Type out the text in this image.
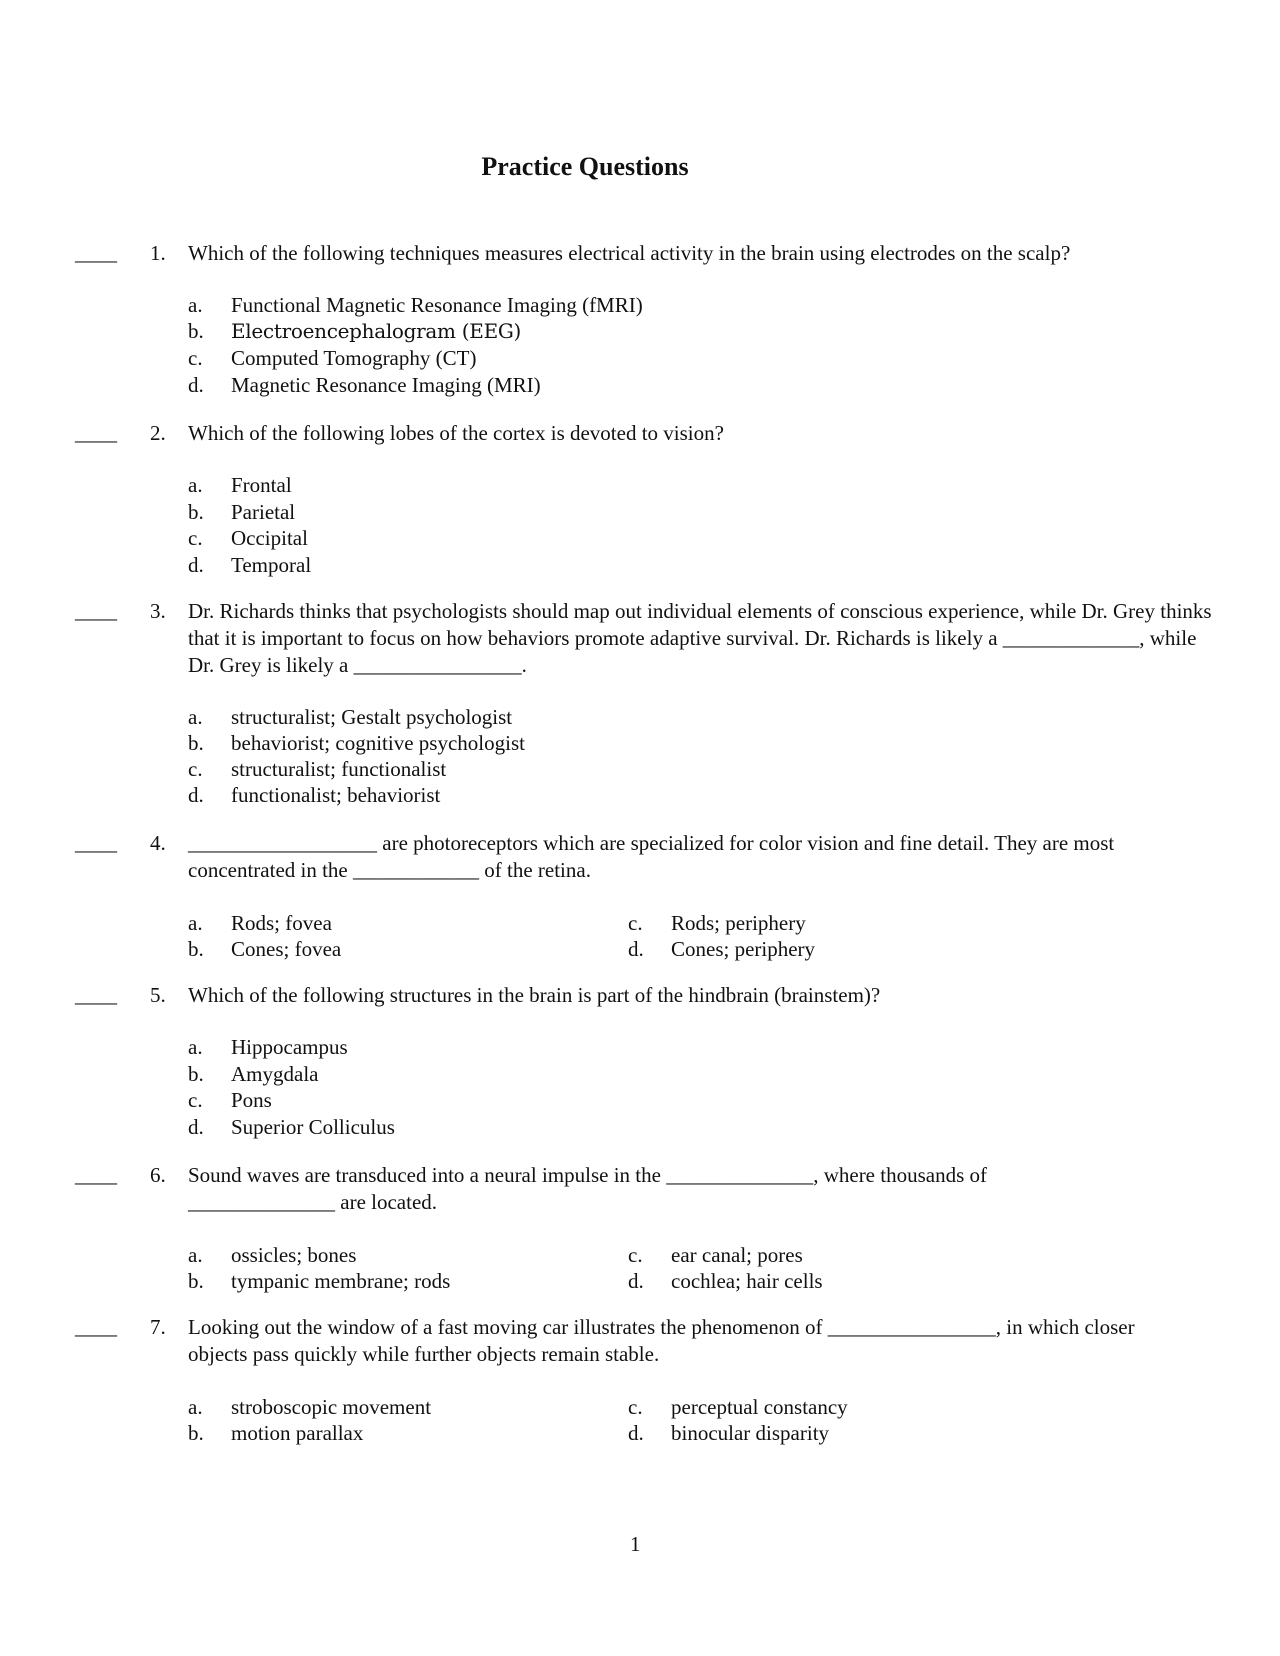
Practice Questions
____ 1.	Which of the following techniques measures electrical activity in the brain using electrodes on the scalp?
a. Functional Magnetic Resonance Imaging (fMRI)
b. Electroencephalogram (EEG)
c. Computed Tomography (CT)
d. Magnetic Resonance Imaging (MRI)
____ 2.	Which of the following lobes of the cortex is devoted to vision?
a. Frontal
b. Parietal
c. Occipital
d. Temporal
____ 3.	Dr. Richards thinks that psychologists should map out individual elements of conscious experience, while Dr. Grey thinks that it is important to focus on how behaviors promote adaptive survival. Dr. Richards is likely a _____________, while Dr. Grey is likely a ________________.
a. structuralist; Gestalt psychologist
b. behaviorist; cognitive psychologist
c. structuralist; functionalist
d. functionalist; behaviorist
____ 4.	__________________ are photoreceptors which are specialized for color vision and fine detail. They are most concentrated in the ____________ of the retina.
a. Rods; fovea
b. Cones; fovea
c. Rods; periphery
d. Cones; periphery
____ 5.	Which of the following structures in the brain is part of the hindbrain (brainstem)?
a. Hippocampus
b. Amygdala
c. Pons
d. Superior Colliculus
____ 6.	Sound waves are transduced into a neural impulse in the ______________, where thousands of ______________ are located.
a. ossicles; bones
b. tympanic membrane; rods
c. ear canal; pores
d. cochlea; hair cells
____ 7.	Looking out the window of a fast moving car illustrates the phenomenon of ________________, in which closer objects pass quickly while further objects remain stable.
a. stroboscopic movement
b. motion parallax
c. perceptual constancy
d. binocular disparity
1
